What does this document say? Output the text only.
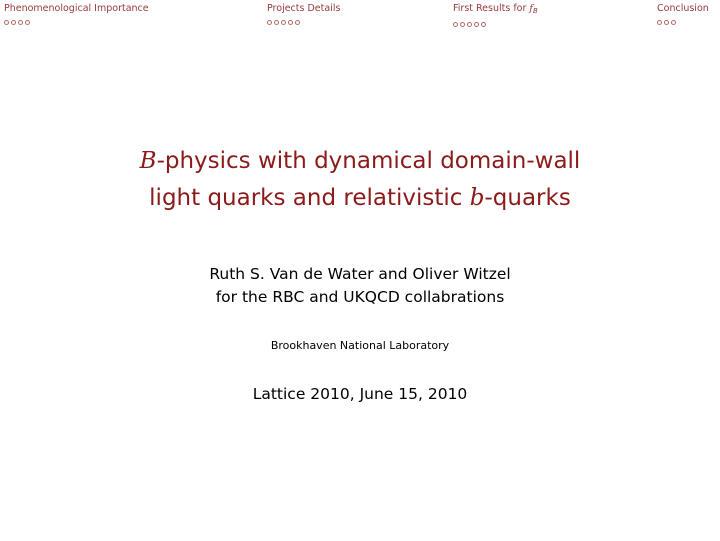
Phenomenological Importance	Projects Details	First Results for $f_B$	Conclusion
B-physics with dynamical domain-wall
light quarks and relativistic b-quarks
Ruth S. Van de Water and Oliver Witzel
for the RBC and UKQCD collabrations
Brookhaven National Laboratory
Lattice 2010, June 15, 2010
